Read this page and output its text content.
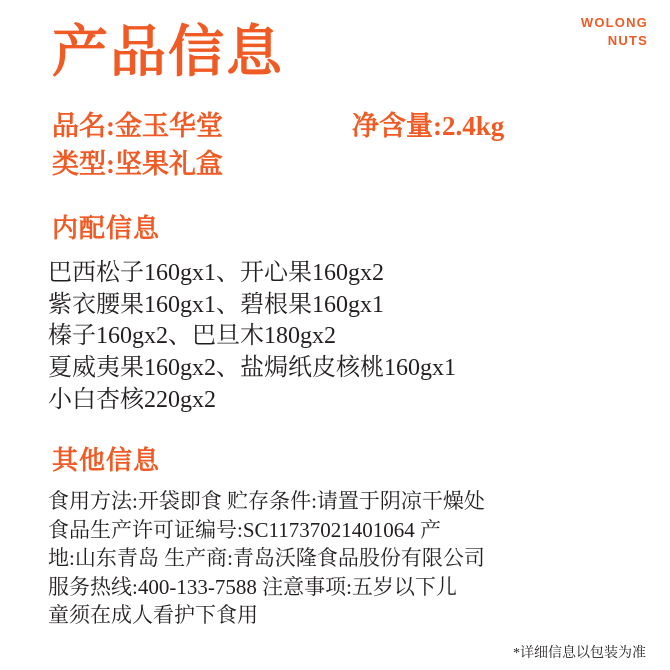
WOLONG
NUTS
产品信息
品名:金玉华堂	净含量:2.4kg
类型:坚果礼盒
内配信息
巴西松子160gx1、开心果160gx2
紫衣腰果160gx1、碧根果160gx1
榛子160gx2、巴旦木180gx2
夏威夷果160gx2、盐焗纸皮核桃160gx1
小白杏核220gx2
其他信息
食用方法:开袋即食 贮存条件:请置于阴凉干燥处
食品生产许可证编号:SC11737021401064 产
地:山东青岛 生产商:青岛沃隆食品股份有限公司
服务热线:400-133-7588 注意事项:五岁以下儿
童须在成人看护下食用
*详细信息以包装为准
